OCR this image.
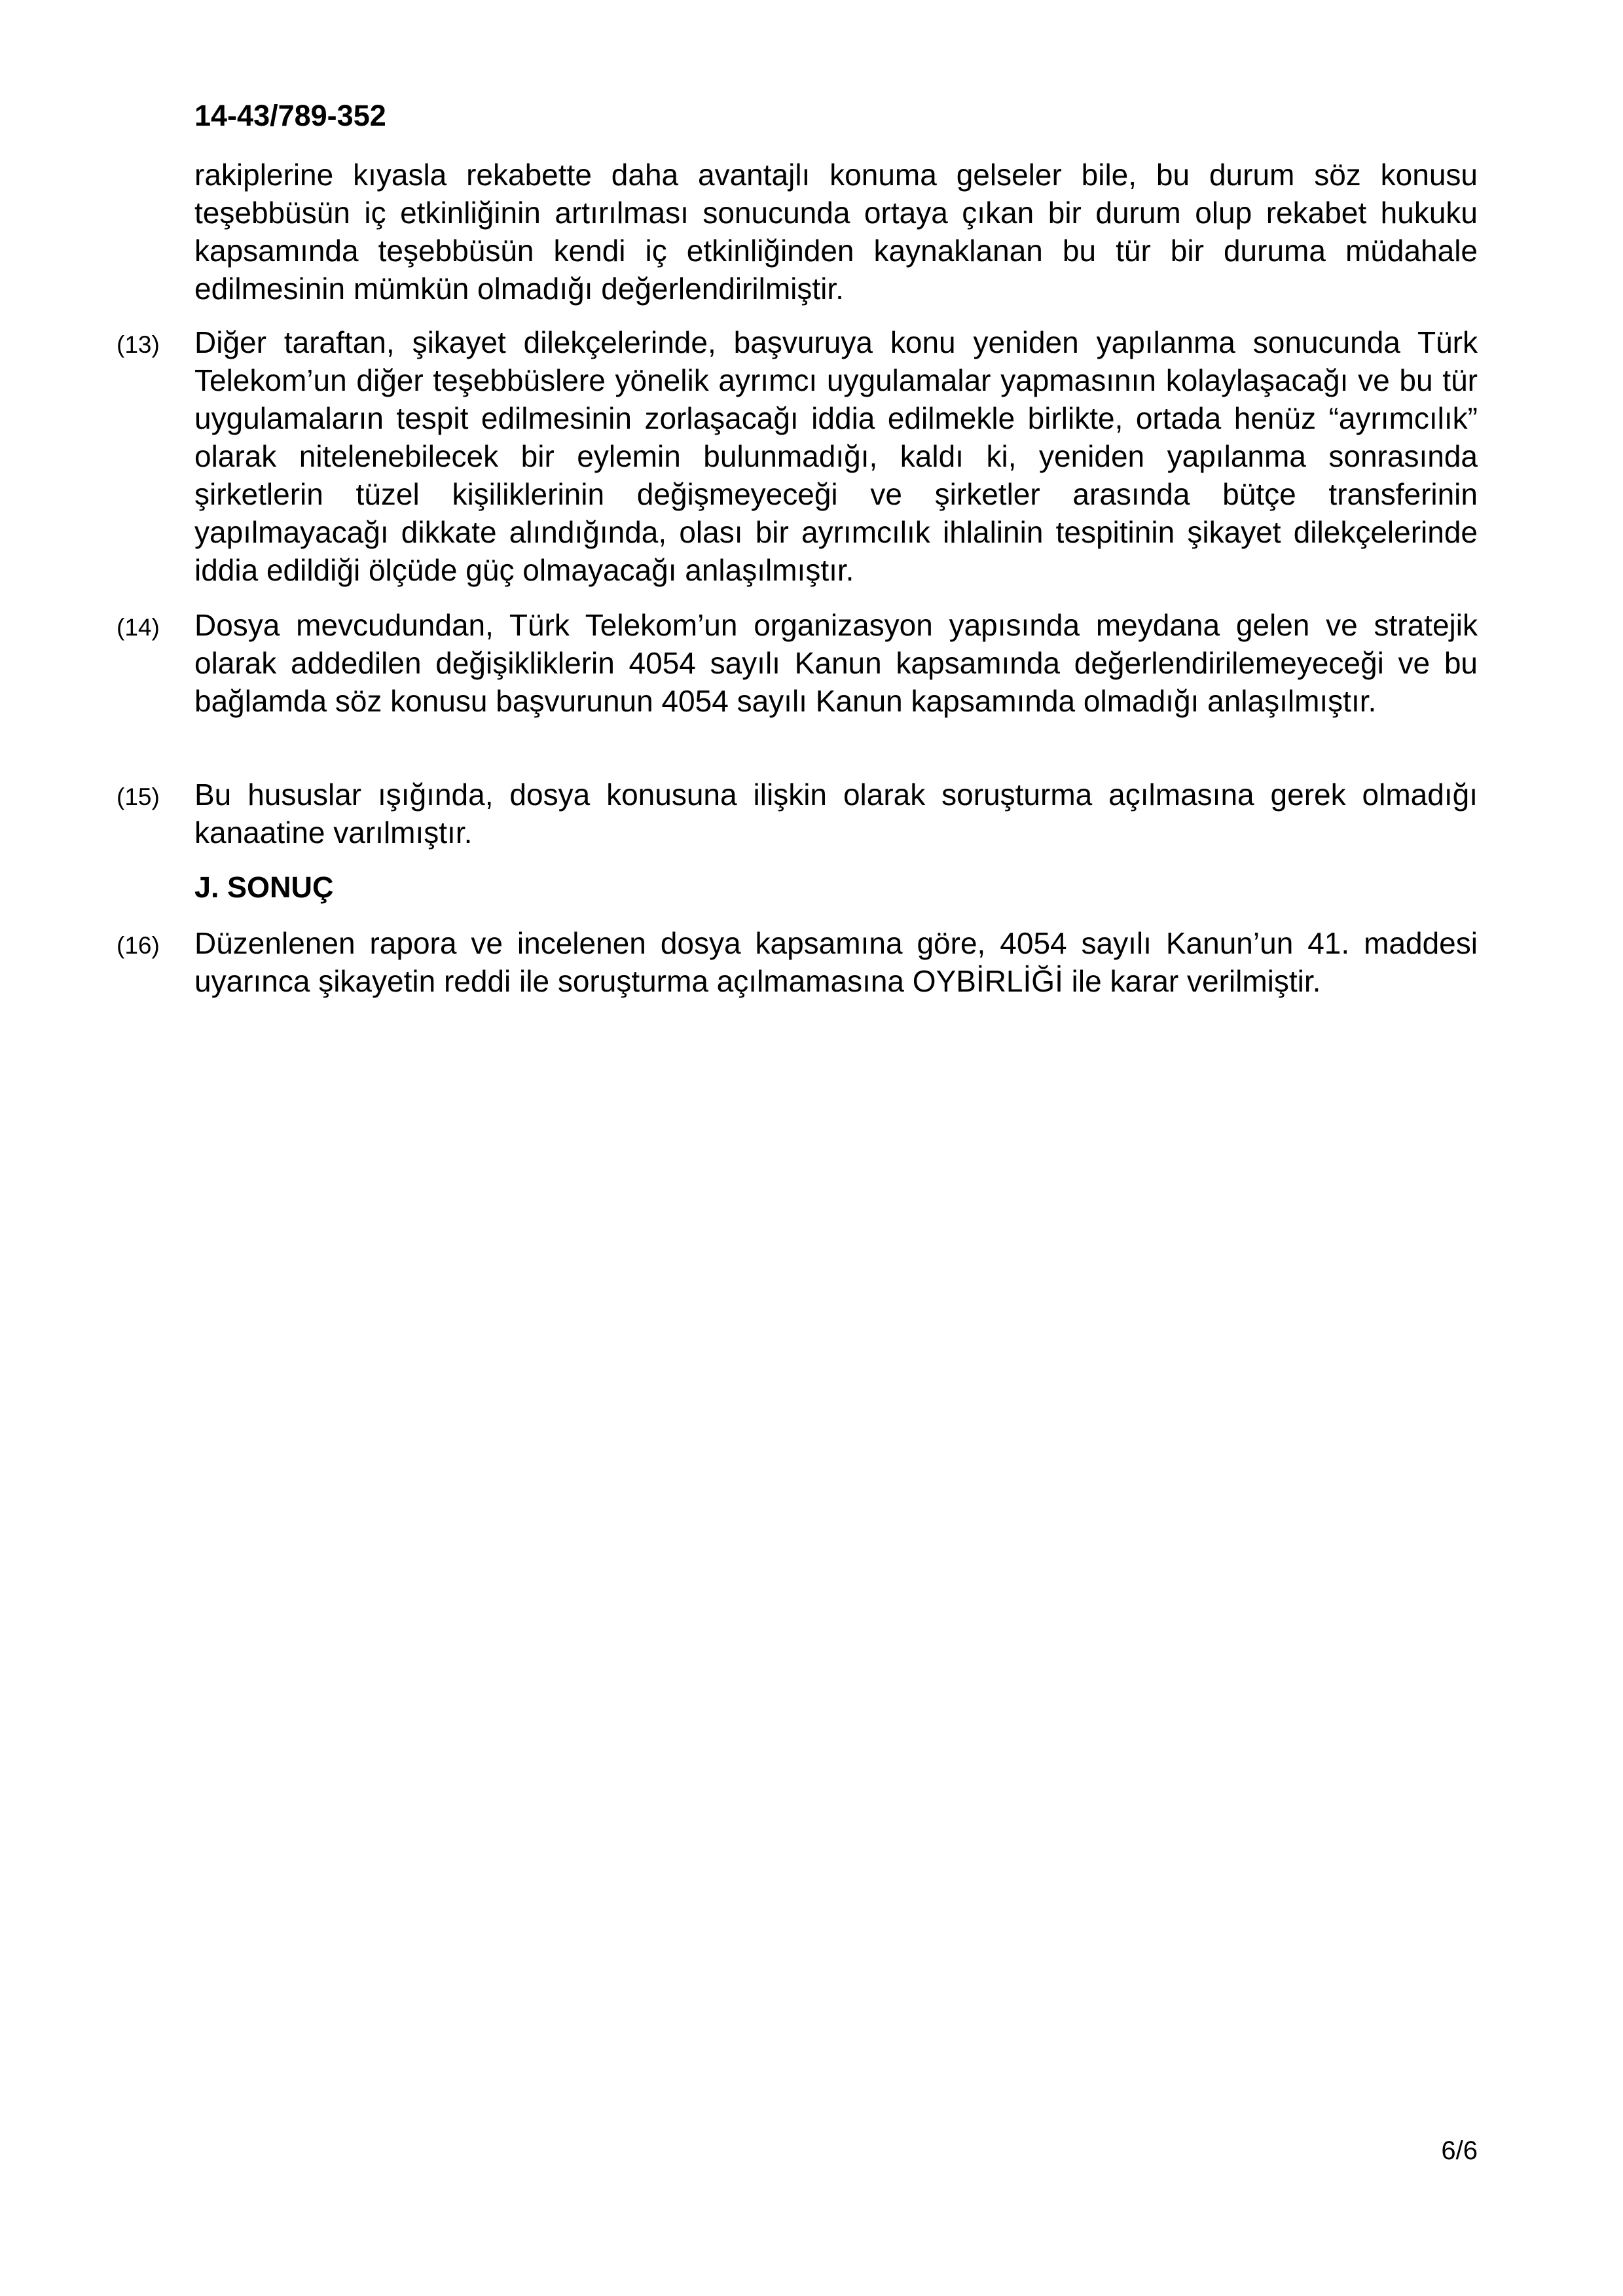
14-43/789-352
rakiplerine kıyasla rekabette daha avantajlı konuma gelseler bile, bu durum söz konusu teşebbüsün iç etkinliğinin artırılması sonucunda ortaya çıkan bir durum olup rekabet hukuku kapsamında teşebbüsün kendi iç etkinliğinden kaynaklanan bu tür bir duruma müdahale edilmesinin mümkün olmadığı değerlendirilmiştir.
(13) Diğer taraftan, şikayet dilekçelerinde, başvuruya konu yeniden yapılanma sonucunda Türk Telekom’un diğer teşebbüslere yönelik ayrımcı uygulamalar yapmasının kolaylaşacağı ve bu tür uygulamaların tespit edilmesinin zorlaşacağı iddia edilmekle birlikte, ortada henüz “ayrımcılık” olarak nitelenebilecek bir eylemin bulunmadığı, kaldı ki, yeniden yapılanma sonrasında şirketlerin tüzel kişiliklerinin değişmeyeceği ve şirketler arasında bütçe transferinin yapılmayacağı dikkate alındığında, olası bir ayrımcılık ihlalinin tespitinin şikayet dilekçelerinde iddia edildiği ölçüde güç olmayacağı anlaşılmıştır.
(14) Dosya mevcudundan, Türk Telekom’un organizasyon yapısında meydana gelen ve stratejik olarak addedilen değişikliklerin 4054 sayılı Kanun kapsamında değerlendirilemeyeceği ve bu bağlamda söz konusu başvurunun 4054 sayılı Kanun kapsamında olmadığı anlaşılmıştır.
(15) Bu hususlar ışığında, dosya konusuna ilişkin olarak soruşturma açılmasına gerek olmadığı kanaatine varılmıştır.
J. SONUÇ
(16) Düzenlenen rapora ve incelenen dosya kapsamına göre, 4054 sayılı Kanun’un 41. maddesi uyarınca şikayetin reddi ile soruşturma açılmamasına OYBİRLİĞİ ile karar verilmiştir.
6/6
